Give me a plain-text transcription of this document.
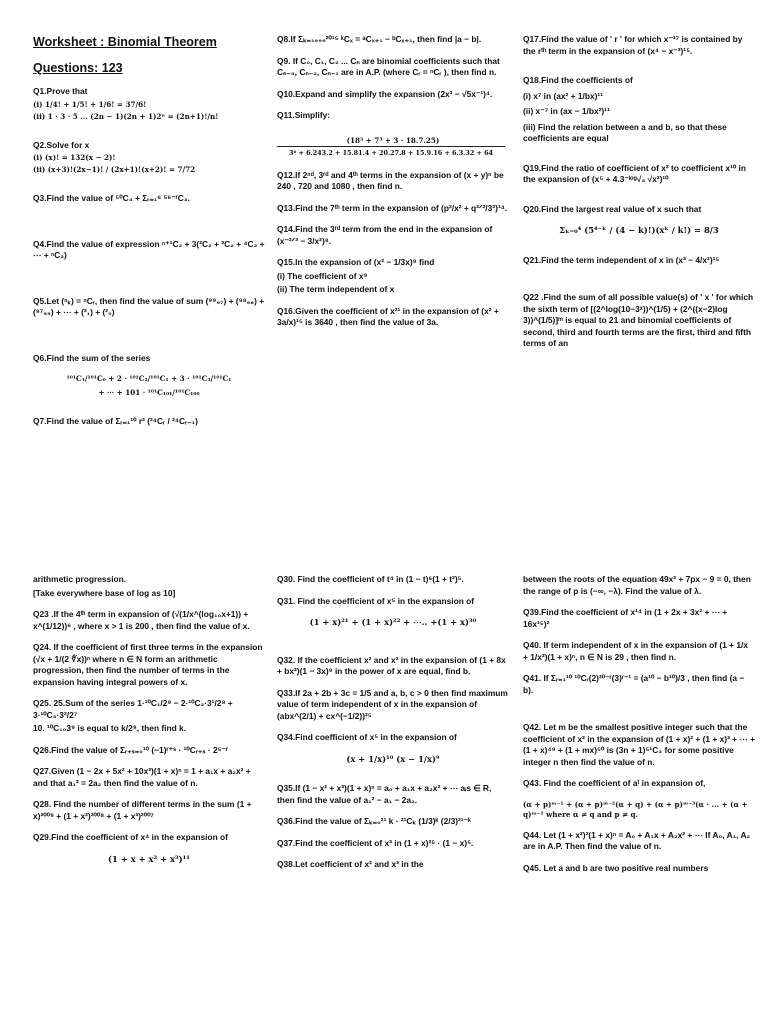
Worksheet : Binomial Theorem

Questions: 123

Q1.Prove that

(i) 1/4! + 1/5! + 1/6! = 37/6!

(ii) 1 · 3 · 5 ... (2n − 1)(2n + 1)2ⁿ = (2n+1)!/n!

Q2.Solve for x

(i) (x)! = 132(x − 2)!

(ii) (x+3)!(2x−1)! / (2x+1)!(x+2)! = 7/72

Q3.Find the value of ⁵⁰C₄ + Σᵣ₌₁⁶ ⁵⁶⁻ʳC₃.

Q4.Find the value of expression ⁿ⁺¹C₂ + 3(²C₂ + ³C₂ + ⁴C₂ + ⋯ + ⁿC₂)

Q5.Let (ⁿₖ) = ⁿCᵣ, then find the value of sum (⁹⁹₉₇) + (⁹⁸₉₆) + (⁹⁷₉₅) + ⋯ + (³₁) + (²₀)

Q6.Find the sum of the series

¹⁰¹C₁/¹⁰¹C₀ + 2 · ¹⁰¹C₂/¹⁰¹C₁ + 3 · ¹⁰¹C₃/¹⁰¹C₁

+ ⋯ + 101 · ¹⁰¹C₁₀₁/¹⁰¹C₁₀₀

Q7.Find the value of Σᵣ₌₁¹⁰ r² (²⁴Cᵣ / ²⁴Cᵣ₋₁)

Q8.If Σₖ₌₁₉₉₉²⁰¹⁵ ᵏCₓ = ᵃCₓ₊₁ − ᵇCₓ₊₁, then find |a − b|.

Q9. If C₀, C₁, C₂ ... Cₙ are binomial coefficients such that Cₙ₋₃, Cₙ₋₂, Cₙ₋₁ are in A.P. (where Cᵣ = ⁿCᵣ ), then find n.

Q10.Expand and simplify the expansion (2x³ − √5x⁻¹)⁴.

Q11.Simplify:

(18³ + 7³ + 3 · 18.7.25)

3⁶ + 6.243.2 + 15.81.4 + 20.27.8 + 15.9.16 + 6.3.32 + 64

Q12.If 2ⁿᵈ, 3ʳᵈ and 4ᵗʰ terms in the expansion of (x + y)ⁿ be 240 , 720 and 1080 , then find n.

Q13.Find the 7ᵗʰ term in the expansion of (p²/x² + q³ᐟ²/3³)¹⁴.

Q14.Find the 3ʳᵈ term from the end in the expansion of (x⁻²ᐟ³ − 3/x²)⁸.

Q15.In the expansion of (x² − 1/3x)⁹ find

(i) The coefficient of x⁹

(ii) The term independent of x

Q16.Given the coefficient of x²¹ in the expansion of (x² + 3a/x)¹⁵ is 3640 , then find the value of 3a.

Q17.Find the value of ' r ' for which x⁻¹⁷ is contained by the rᵗʰ term in the expansion of (x⁴ − x⁻³)¹⁵.

Q18.Find the coefficients of

(i) x⁷ in (ax² + 1/bx)¹¹

(ii) x⁻⁷ in (ax − 1/bx²)¹¹

(iii) Find the relation between a and b, so that these coefficients are equal

Q19.Find the ratio of coefficient of x² to coefficient x¹⁰ in the expansion of (x⁵ + 4.3⁻ˡᵒᵍ√₃ √x²)¹⁰

Q20.Find the largest real value of x such that

Σₖ₌₀⁴ (5⁴⁻ᵏ / (4 − k)!)(xᵏ / k!) = 8/3

Q21.Find the term independent of x in (x³ − 4/x²)¹⁵

Q22 .Find the sum of all possible value(s) of ' x ' for which the sixth term of [(2^log(10−3ˣ))^(1/5) + (2^((x−2)log 3))^(1/5)]ᵐ is equal to 21 and binomial coefficients of second, third and fourth terms are the first, third and fifth terms of an

arithmetic progression.

[Take everywhere base of log as 10]

Q23 .If the 4ᵗʰ term in expansion of (√(1/x^(log₁₀x+1)) + x^(1/12))⁶ , where x > 1 is 200 , then find the value of x.

Q24. If the coefficient of first three terms in the expansion (√x + 1/(2 ∜x))ⁿ where n ∈ N form an arithmetic progression, then find the number of terms in the expansion having integral powers of x.

Q25. 25.Sum of the series 1·¹⁰C₁/2⁹ − 2·¹⁰C₂·3¹/2⁸ + 3·¹⁰C₃·3²/2⁷

10. ¹⁰C₁₀3⁹ is equal to k/2⁹, then find k.

Q26.Find the value of Σᵣ₊ₛ₌₀¹⁰ (−1)ʳ⁺ˢ · ¹⁰Cᵣ₊ₛ · 2⁵⁻ʳ

Q27.Given (1 − 2x + 5x² + 10x³)(1 + x)ⁿ = 1 + a₁x + a₂x² + and that a₁² = 2a₂ then find the value of n.

Q28. Find the number of different terms in the sum (1 + x)²⁰⁰⁹ + (1 + x²)²⁰⁰⁸ + (1 + x³)²⁰⁰⁷

Q29.Find the coefficient of x⁴ in the expansion of

(1 + x + x² + x³)¹¹

Q30. Find the coefficient of t⁴ in (1 − t)⁶(1 + t²)⁵.

Q31. Find the coefficient of x⁵ in the expansion of

(1 + x)²¹ + (1 + x)²² + ⋯.. +(1 + x)³⁰

Q32. If the coefficient x² and x³ in the expansion of (1 + 8x + bx²)(1 − 3x)⁹ in the power of x are equal, find b.

Q33.If 2a + 2b + 3c = 1/5 and a, b, c > 0 then find maximum value of term independent of x in the expansion of (abx^(2/1) + cx^(−1/2))²⁵

Q34.Find coefficient of x⁵ in the expansion of

(x + 1/x)¹⁰ (x − 1/x)⁹

Q35.If (1 − x² + x³)(1 + x)ⁿ = a₀ + a₁x + a₂x² + ⋯ aᵢs ∈ R, then find the value of a₁² − a₁ − 2a₂.

Q36.Find the value of Σₖ₌₀²¹ k · ²¹Cₖ (1/3)ᵏ (2/3)²¹⁻ᵏ

Q37.Find the coefficient of x³ in (1 + x)²⁵ · (1 − x)⁵.

Q38.Let coefficient of x² and x³ in the

between the roots of the equation 49x² + 7px − 9 = 0, then the range of p is (−∞, −λ). Find the value of λ.

Q39.Find the coefficient of x¹⁴ in (1 + 2x + 3x² + ⋯ + 16x¹⁵)²

Q40. If term independent of x in the expansion of (1 + 1/x + 1/x²)(1 + x)ⁿ, n ∈ N is 29 , then find n.

Q41. If Σᵣ₌₁¹⁰ ¹⁰Cᵣ(2)²⁰⁻ʳ(3)ʳ⁻¹ = (a¹⁰ − b¹⁰)/3 , then find (a − b).

Q42. Let m be the smallest positive integer such that the coefficient of x² in the expansion of (1 + x)² + (1 + x)³ + ⋯ + (1 + x)⁴⁹ + (1 + mx)⁵⁰ is (3n + 1)⁵¹C₃ for some positive integer n then find the value of n.

Q43. Find the coefficient of aᵗ in expansion of,

(α + p)ᵐ⁻¹ + (α + p)ᵐ⁻²(α + q) + (α + p)ᵐ⁻³(α · ... + (α + q)ᵐ⁻¹ where α ≠ q and p ≠ q.

Q44. Let (1 + x²)²(1 + x)ⁿ = A₀ + A₁x + A₂x² + ⋯ If A₀, A₁, A₂ are in A.P. Then find the value of n.

Q45. Let a and b are two positive real numbers
